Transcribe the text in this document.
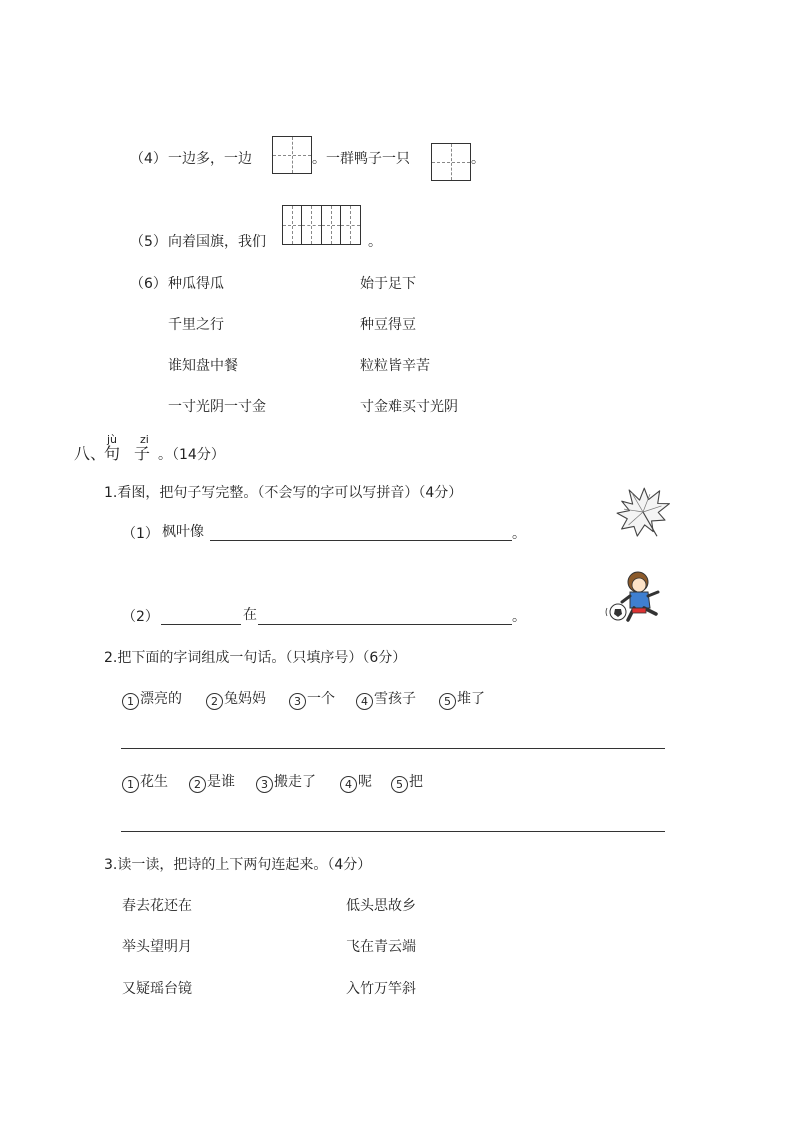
（4） 一边多，一边	。一群鸭子一只	。
（5） 向着国旗，我们	。
（6） 种瓜得瓜	始于足下
千里之行	种豆得豆
谁知盘中餐	粒粒皆辛苦
一寸光阴一寸金	寸金难买寸光阴
八、
jù
句
zi
子 。（14分）
1.看图，把句子写完整。（不会写的字可以写拼音）（4分）
（1） 枫叶像	。
（2）	在	。
2.把下面的字词组成一句话。（只填序号）（6分）
1 漂亮的	2 兔妈妈	3 一个	4 雪孩子	5 堆了
1 花生	2 是谁	3 搬走了	4 呢	5 把
3.读一读，把诗的上下两句连起来。（4分）
春去花还在	低头思故乡
举头望明月	飞在青云端
又疑瑶台镜	入竹万竿斜
